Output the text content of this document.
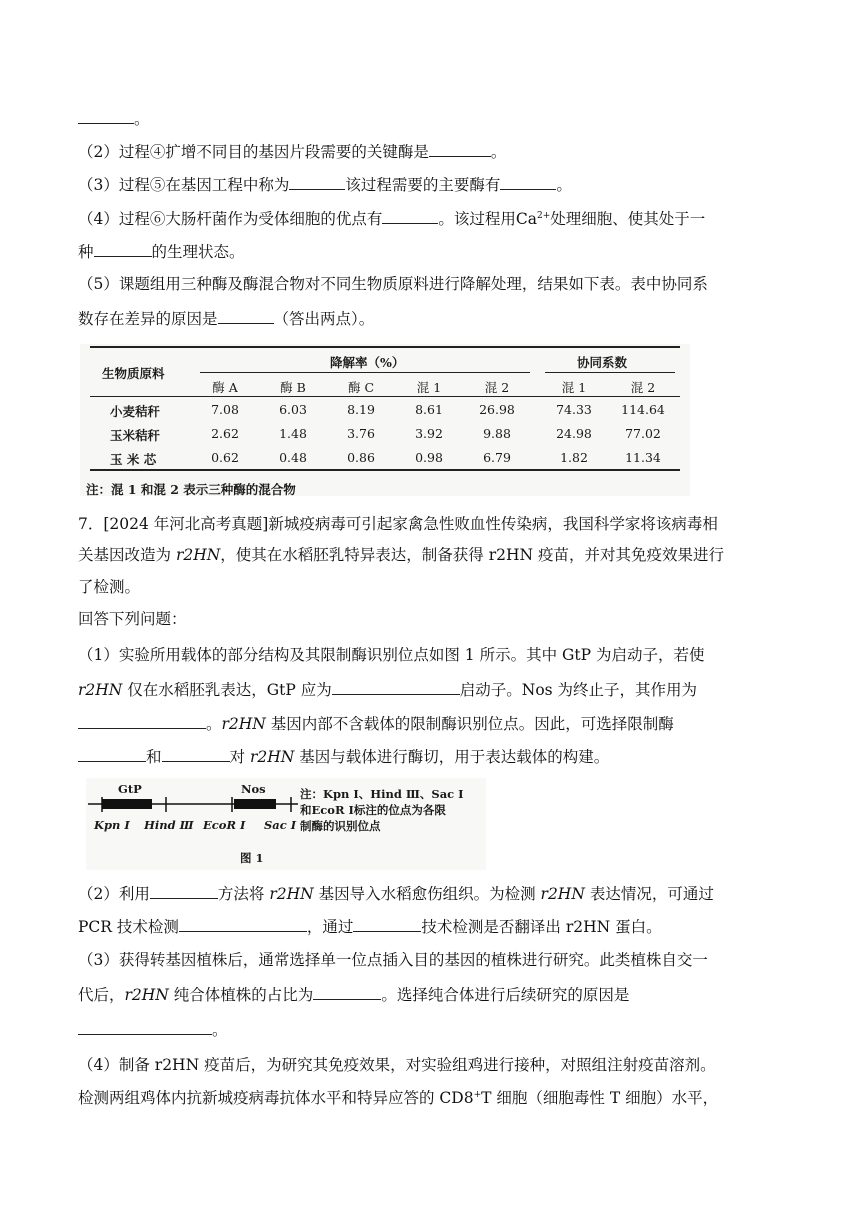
。
（2）过程④扩增不同目的基因片段需要的关键酶是	。
（3）过程⑤在基因工程中称为	该过程需要的主要酶有	。
（4）过程⑥大肠杆菌作为受体细胞的优点有	。该过程用$Ca^{2+}$处理细胞、使其处于一
种	的生理状态。
（5）课题组用三种酶及酶混合物对不同生物质原料进行降解处理，结果如下表。表中协同系
数存在差异的原因是	（答出两点）。
生物质原料
降解率（%）	协同系数
酶 A	酶 B	酶 C	混 1	混 2	混 1	混 2
小麦秸秆	7.08	6.03	8.19	8.61	26.98	74.33	114.64
玉米秸秆	2.62	1.48	3.76	3.92	9.88	24.98	77.02
玉 米 芯	0.62	0.48	0.86	0.98	6.79	1.82	11.34
注：混 1 和混 2 表示三种酶的混合物
7．[2024 年河北高考真题]新城疫病毒可引起家禽急性败血性传染病，我国科学家将该病毒相
关基因改造为 r2HN，使其在水稻胚乳特异表达，制备获得 r2HN 疫苗，并对其免疫效果进行
了检测。
回答下列问题：
（1）实验所用载体的部分结构及其限制酶识别位点如图 1 所示。其中 GtP 为启动子，若使
r2HN 仅在水稻胚乳表达，GtP 应为	启动子。Nos 为终止子，其作用为
。r2HN 基因内部不含载体的限制酶识别位点。因此，可选择限制酶
和	对 r2HN 基因与载体进行酶切，用于表达载体的构建。
GtP	Nos
Kpn Ⅰ Hind Ⅲ EcoR Ⅰ Sac Ⅰ
注：Kpn Ⅰ、Hind Ⅲ、Sac Ⅰ
和EcoR Ⅰ标注的位点为各限
制酶的识别位点
图 1
（2）利用	方法将 r2HN 基因导入水稻愈伤组织。为检测 r2HN 表达情况，可通过
PCR 技术检测	，通过	技术检测是否翻译出 r2HN 蛋白。
（3）获得转基因植株后，通常选择单一位点插入目的基因的植株进行研究。此类植株自交一
代后，r2HN 纯合体植株的占比为	。选择纯合体进行后续研究的原因是
。
（4）制备 r2HN 疫苗后，为研究其免疫效果，对实验组鸡进行接种，对照组注射疫苗溶剂。
检测两组鸡体内抗新城疫病毒抗体水平和特异应答的 CD8+T 细胞（细胞毒性 T 细胞）水平，
